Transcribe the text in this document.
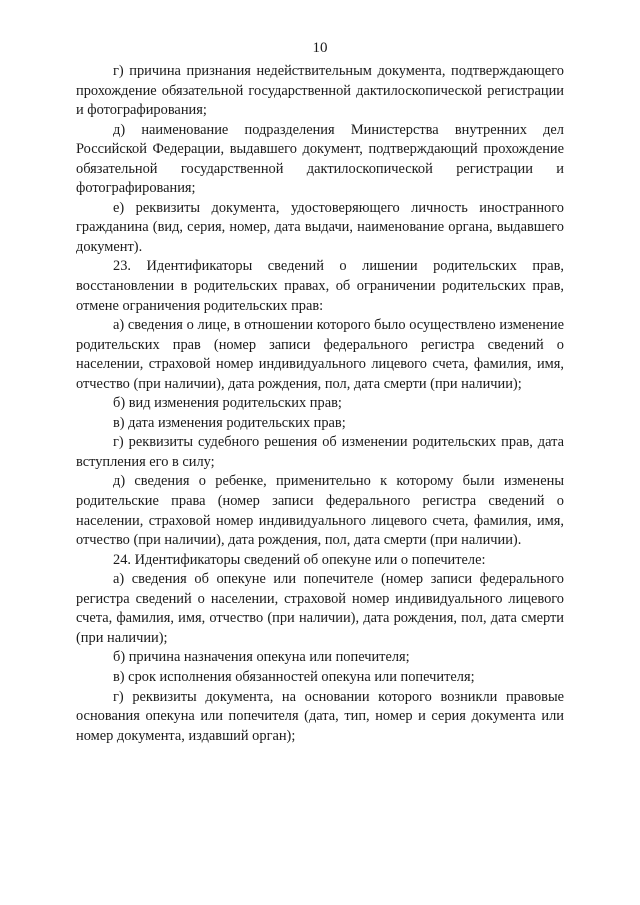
10

г) причина признания недействительным документа, подтверждающего прохождение обязательной государственной дактилоскопической регистрации и фотографирования;

д) наименование подразделения Министерства внутренних дел Российской Федерации, выдавшего документ, подтверждающий прохождение обязательной государственной дактилоскопической регистрации и фотографирования;

е) реквизиты документа, удостоверяющего личность иностранного гражданина (вид, серия, номер, дата выдачи, наименование органа, выдавшего документ).

23. Идентификаторы сведений о лишении родительских прав, восстановлении в родительских правах, об ограничении родительских прав, отмене ограничения родительских прав:

а) сведения о лице, в отношении которого было осуществлено изменение родительских прав (номер записи федерального регистра сведений о населении, страховой номер индивидуального лицевого счета, фамилия, имя, отчество (при наличии), дата рождения, пол, дата смерти (при наличии);

б) вид изменения родительских прав;

в) дата изменения родительских прав;

г) реквизиты судебного решения об изменении родительских прав, дата вступления его в силу;

д) сведения о ребенке, применительно к которому были изменены родительские права (номер записи федерального регистра сведений о населении, страховой номер индивидуального лицевого счета, фамилия, имя, отчество (при наличии), дата рождения, пол, дата смерти (при наличии).

24. Идентификаторы сведений об опекуне или о попечителе:

а) сведения об опекуне или попечителе (номер записи федерального регистра сведений о населении, страховой номер индивидуального лицевого счета, фамилия, имя, отчество (при наличии), дата рождения, пол, дата смерти (при наличии);

б) причина назначения опекуна или попечителя;

в) срок исполнения обязанностей опекуна или попечителя;

г) реквизиты документа, на основании которого возникли правовые основания опекуна или попечителя (дата, тип, номер и серия документа или номер документа, издавший орган);
